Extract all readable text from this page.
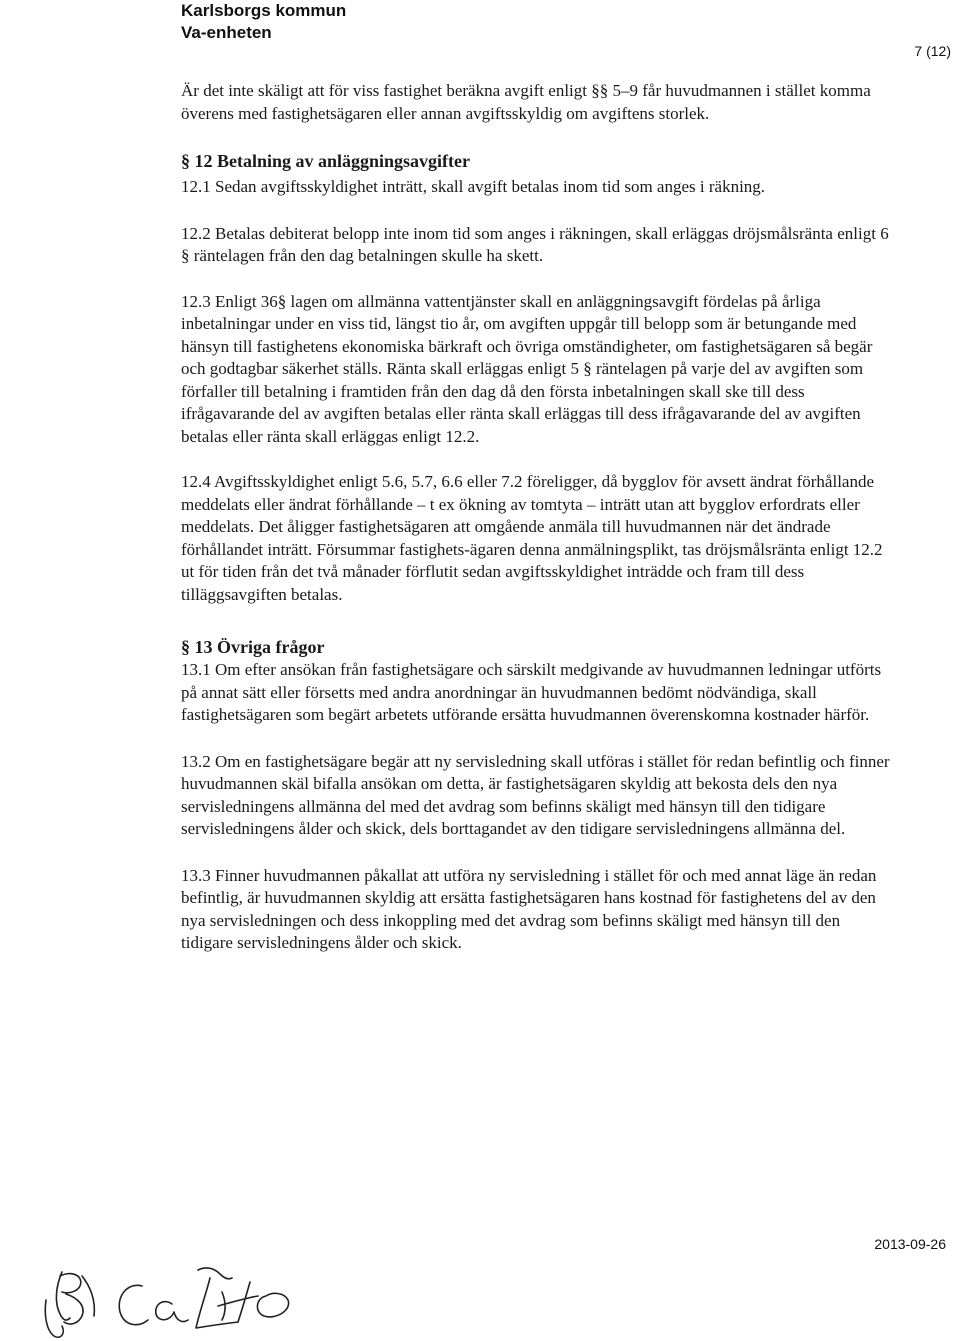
Karlsborgs kommun
Va-enheten
7 (12)

Är det inte skäligt att för viss fastighet beräkna avgift enligt §§ 5–9 får huvudmannen i stället komma överens med fastighetsägaren eller annan avgiftsskyldig om avgiftens storlek.

§ 12 Betalning av anläggningsavgifter

12.1 Sedan avgiftsskyldighet inträtt, skall avgift betalas inom tid som anges i räkning.

12.2 Betalas debiterat belopp inte inom tid som anges i räkningen, skall erläggas dröjsmålsränta enligt 6 § räntelagen från den dag betalningen skulle ha skett.

12.3 Enligt 36§ lagen om allmänna vattentjänster skall en anläggningsavgift fördelas på årliga inbetalningar under en viss tid, längst tio år, om avgiften uppgår till belopp som är betungande med hänsyn till fastighetens ekonomiska bärkraft och övriga omständigheter, om fastighetsägaren så begär och godtagbar säkerhet ställs. Ränta skall erläggas enligt 5 § räntelagen på varje del av avgiften som förfaller till betalning i framtiden från den dag då den första inbetalningen skall ske till dess ifrågavarande del av avgiften betalas eller ränta skall erläggas till dess ifrågavarande del av avgiften betalas eller ränta skall erläggas enligt 12.2.

12.4 Avgiftsskyldighet enligt 5.6, 5.7, 6.6 eller 7.2 föreligger, då bygglov för avsett ändrat förhållande meddelats eller ändrat förhållande – t ex ökning av tomtyta – inträtt utan att bygglov erfordrats eller meddelats. Det åligger fastighetsägaren att omgående anmäla till huvudmannen när det ändrade förhållandet inträtt. Försummar fastighets-ägaren denna anmälningsplikt, tas dröjsmålsränta enligt 12.2 ut för tiden från det två månader förflutit sedan avgiftsskyldighet inträdde och fram till dess tilläggsavgiften betalas.

§ 13 Övriga frågor

13.1 Om efter ansökan från fastighetsägare och särskilt medgivande av huvudmannen ledningar utförts på annat sätt eller försetts med andra anordningar än huvudmannen bedömt nödvändiga, skall fastighetsägaren som begärt arbetets utförande ersätta huvudmannen överenskomna kostnader härför.

13.2 Om en fastighetsägare begär att ny servisledning skall utföras i stället för redan befintlig och finner huvudmannen skäl bifalla ansökan om detta, är fastighetsägaren skyldig att bekosta dels den nya servisledningens allmänna del med det avdrag som befinns skäligt med hänsyn till den tidigare servisledningens ålder och skick, dels borttagandet av den tidigare servisledningens allmänna del.

13.3 Finner huvudmannen påkallat att utföra ny servisledning i stället för och med annat läge än redan befintlig, är huvudmannen skyldig att ersätta fastighetsägaren hans kostnad för fastighetens del av den nya servisledningen och dess inkoppling med det avdrag som befinns skäligt med hänsyn till den tidigare servisledningens ålder och skick.

2013-09-26
